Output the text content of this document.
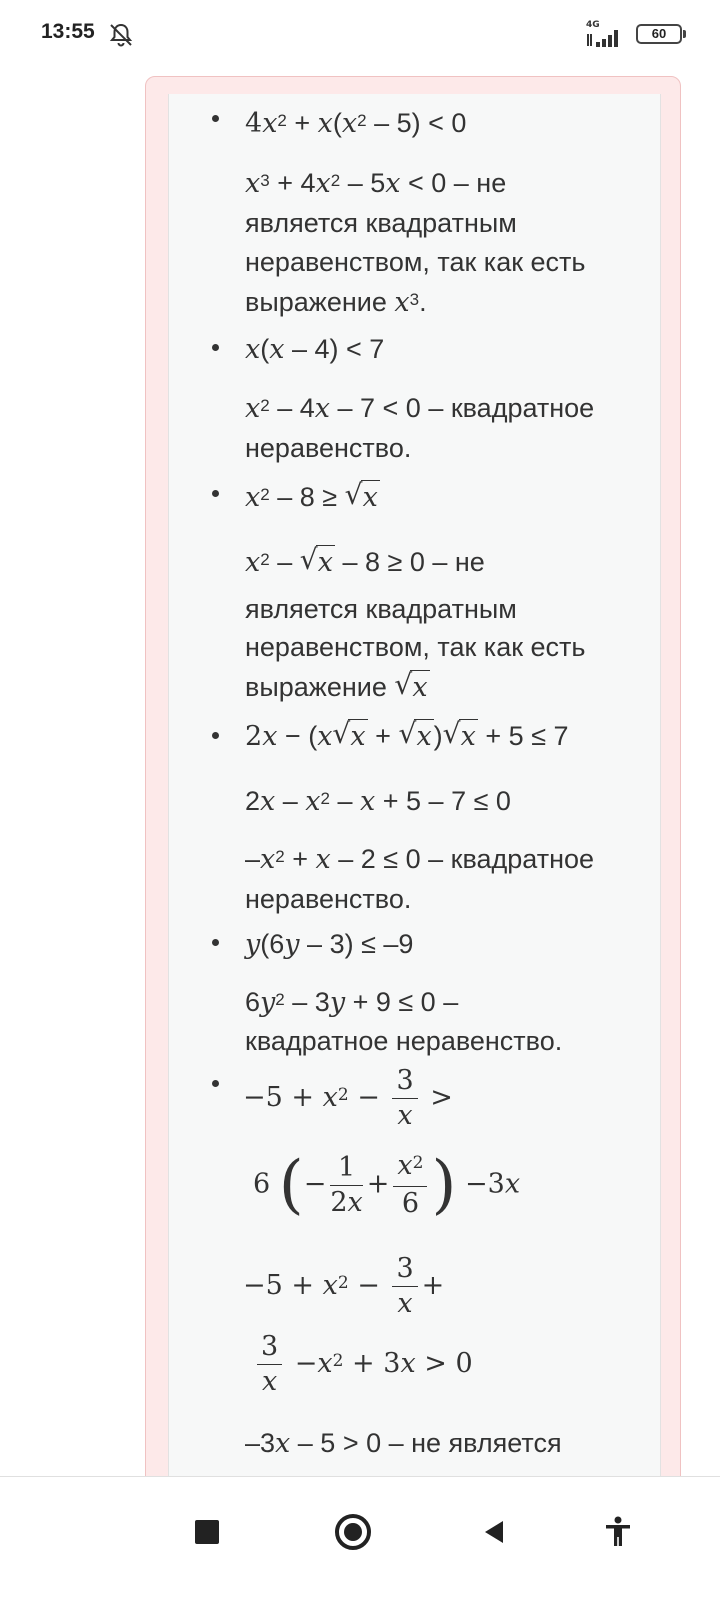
13:55	4G
60
$4x^2 + x(x^2 - 5) < 0$
$x^3 + 4x^2 - 5x < 0$ – не
является квадратным
неравенством, так как есть
выражение $x^3$.
x(x – 4) < 7
$x^2 - 4x - 7 < 0$ – квадратное
неравенство.
$x^2 - 8$ ≥ √ x
$x^2$ – √ x – 8 ≥ 0 – не
является квадратным
неравенством, так как есть
выражение √ x
2x − (x √ x + √ x) √ x + 5 ≤ 7
$2x - x^2 - x + 5 - 7 \le 0$
$-x^2 + x - 2 \le 0$ – квадратное
неравенство.
y(6y – 3) ≤ –9
$6y^2 - 3y + 9 \le 0$ –
квадратное неравенство.
$-5 + x^2 - \frac{3}{x}$ >
6 (− $\frac{1}{2x} + \frac{x^2}{6}$ ) −3x
$-5 + x^2 - \frac{3}{x}$ +
$\frac{3}{x} -x^2 + 3x > 0$
–3x – 5 > 0 – не является
